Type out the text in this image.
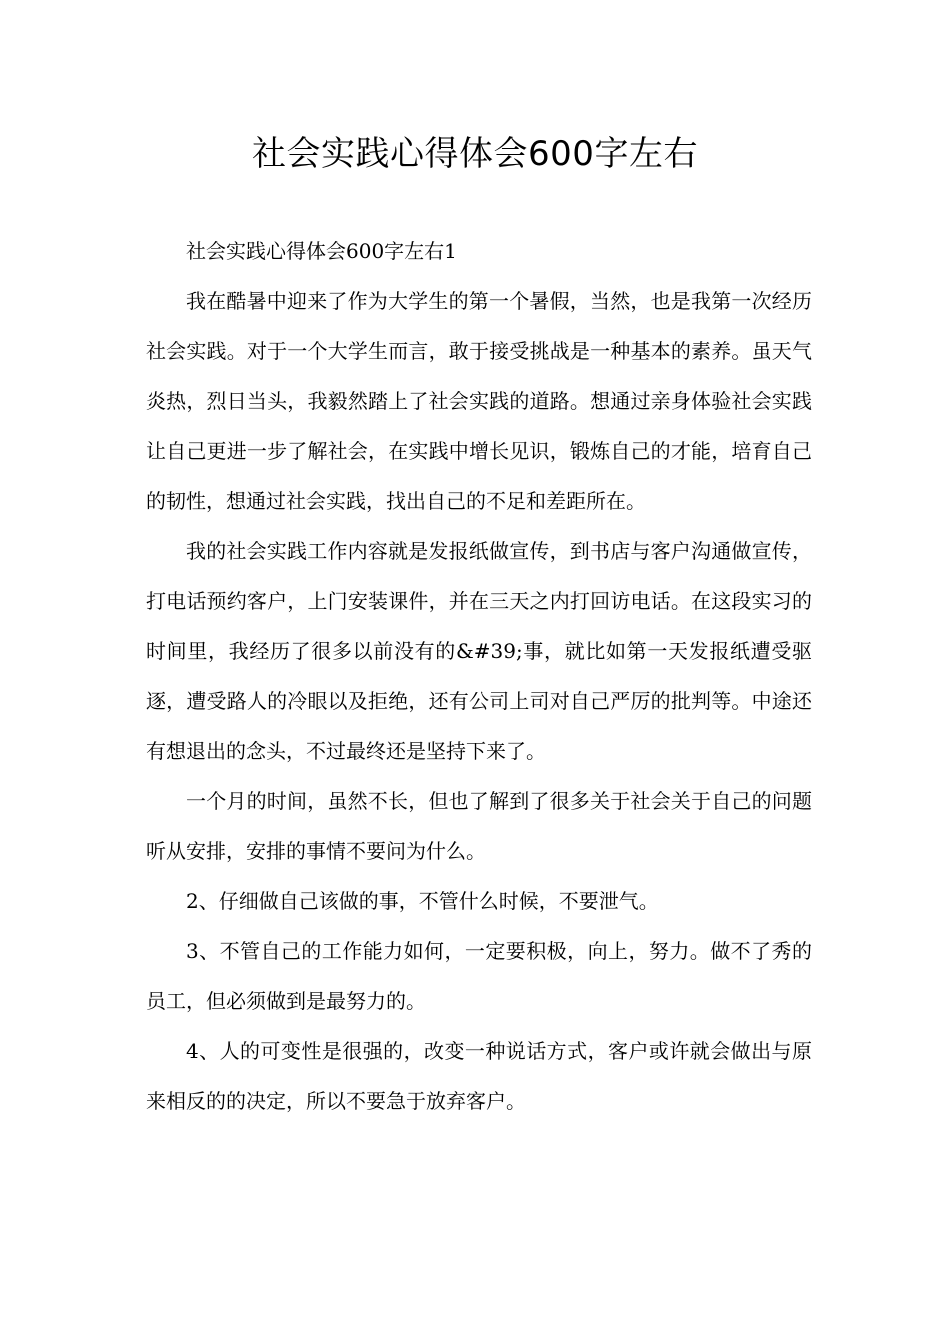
社会实践心得体会600字左右

社会实践心得体会600字左右1

我在酷暑中迎来了作为大学生的第一个暑假，当然，也是我第一次经历社会实践。对于一个大学生而言，敢于接受挑战是一种基本的素养。虽天气炎热，烈日当头，我毅然踏上了社会实践的道路。想通过亲身体验社会实践让自己更进一步了解社会，在实践中增长见识，锻炼自己的才能，培育自己的韧性，想通过社会实践，找出自己的不足和差距所在。

我的社会实践工作内容就是发报纸做宣传，到书店与客户沟通做宣传，打电话预约客户，上门安装课件，并在三天之内打回访电话。在这段实习的时间里，我经历了很多以前没有的&#39;事，就比如第一天发报纸遭受驱逐，遭受路人的冷眼以及拒绝，还有公司上司对自己严厉的批判等。中途还有想退出的念头，不过最终还是坚持下来了。

一个月的时间，虽然不长，但也了解到了很多关于社会关于自己的问题听从安排，安排的事情不要问为什么。

2、仔细做自己该做的事，不管什么时候，不要泄气。

3、不管自己的工作能力如何，一定要积极，向上，努力。做不了秀的员工，但必须做到是最努力的。

4、人的可变性是很强的，改变一种说话方式，客户或许就会做出与原来相反的的决定，所以不要急于放弃客户。
